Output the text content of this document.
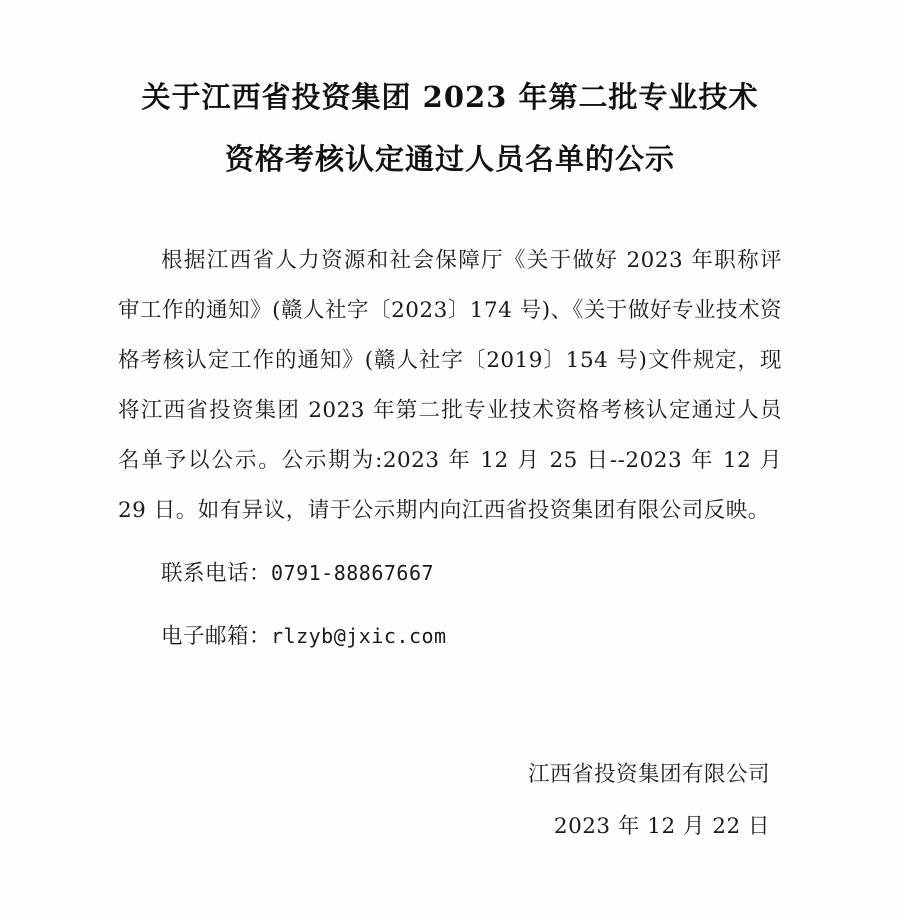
关于江西省投资集团 2023 年第二批专业技术
资格考核认定通过人员名单的公示

根据江西省人力资源和社会保障厅《关于做好 2023 年职称评审工作的通知》(赣人社字〔2023〕174 号)、《关于做好专业技术资格考核认定工作的通知》(赣人社字〔2019〕154 号)文件规定，现将江西省投资集团 2023 年第二批专业技术资格考核认定通过人员名单予以公示。公示期为:2023 年 12 月 25 日--2023 年 12 月 29 日。如有异议，请于公示期内向江西省投资集团有限公司反映。

联系电话：0791-88867667

电子邮箱：rlzyb@jxic.com

江西省投资集团有限公司
2023 年 12 月 22 日
